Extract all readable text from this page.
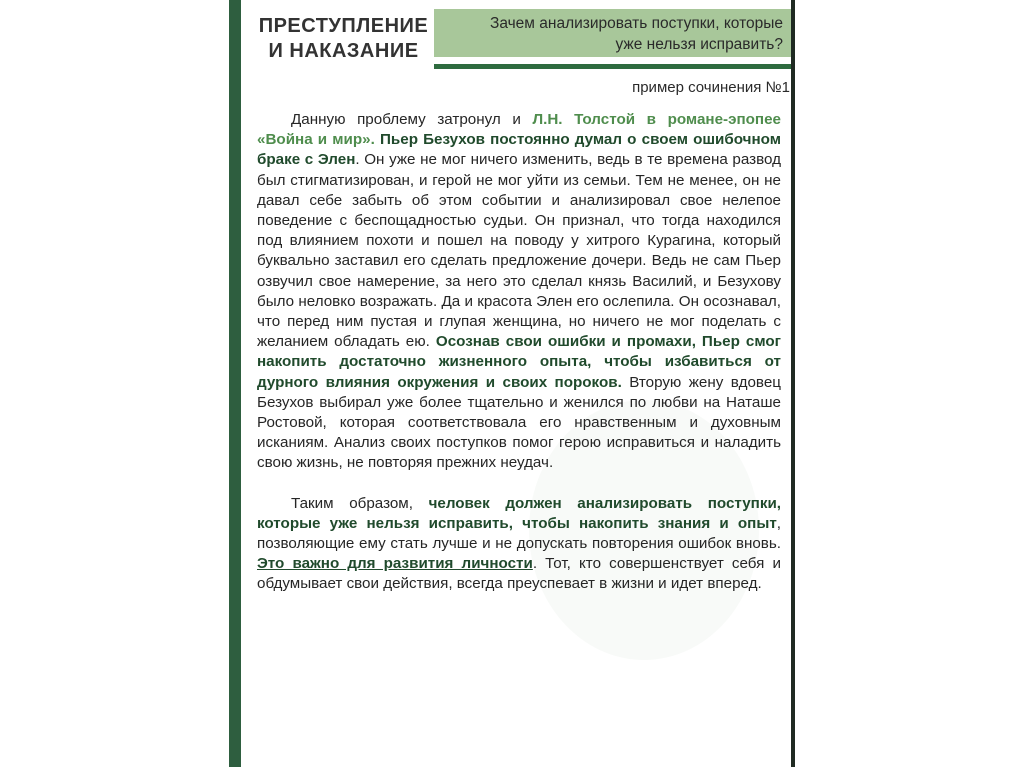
ПРЕСТУПЛЕНИЕ
И НАКАЗАНИЕ
Зачем анализировать поступки, которые
уже нельзя исправить?
пример сочинения №1

Данную проблему затронул и Л.Н. Толстой в романе-эпопее «Война и мир». Пьер Безухов постоянно думал о своем ошибочном браке с Элен. Он уже не мог ничего изменить, ведь в те времена развод был стигматизирован, и герой не мог уйти из семьи. Тем не менее, он не давал себе забыть об этом событии и анализировал свое нелепое поведение с беспощадностью судьи. Он признал, что тогда находился под влиянием похоти и пошел на поводу у хитрого Курагина, который буквально заставил его сделать предложение дочери. Ведь не сам Пьер озвучил свое намерение, за него это сделал князь Василий, и Безухову было неловко возражать. Да и красота Элен его ослепила. Он осознавал, что перед ним пустая и глупая женщина, но ничего не мог поделать с желанием обладать ею. Осознав свои ошибки и промахи, Пьер смог накопить достаточно жизненного опыта, чтобы избавиться от дурного влияния окружения и своих пороков. Вторую жену вдовец Безухов выбирал уже более тщательно и женился по любви на Наташе Ростовой, которая соответствовала его нравственным и духовным исканиям. Анализ своих поступков помог герою исправиться и наладить свою жизнь, не повторяя прежних неудач.

Таким образом, человек должен анализировать поступки, которые уже нельзя исправить, чтобы накопить знания и опыт, позволяющие ему стать лучше и не допускать повторения ошибок вновь. Это важно для развития личности. Тот, кто совершенствует себя и обдумывает свои действия, всегда преуспевает в жизни и идет вперед.
